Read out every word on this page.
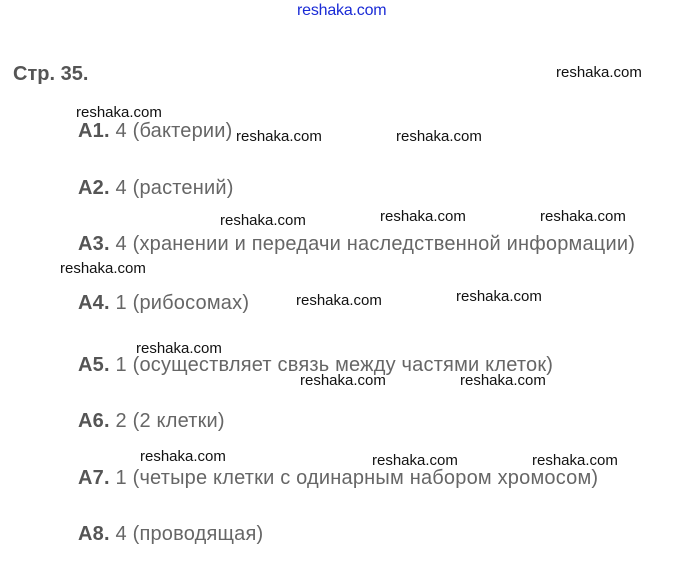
reshaka.com
Стр. 35.
А1. 4 (бактерии)
А2. 4 (растений)
А3. 4 (хранении и передачи наследственной информации)
А4. 1 (рибосомах)
А5. 1 (осуществляет связь между частями клеток)
А6. 2 (2 клетки)
А7. 1 (четыре клетки с одинарным набором хромосом)
А8. 4 (проводящая)
reshaka.com
reshaka.com
reshaka.com	reshaka.com
reshaka.com	reshaka.com	reshaka.com
reshaka.com
reshaka.com	reshaka.com
reshaka.com
reshaka.com	reshaka.com
reshaka.com	reshaka.com	reshaka.com
